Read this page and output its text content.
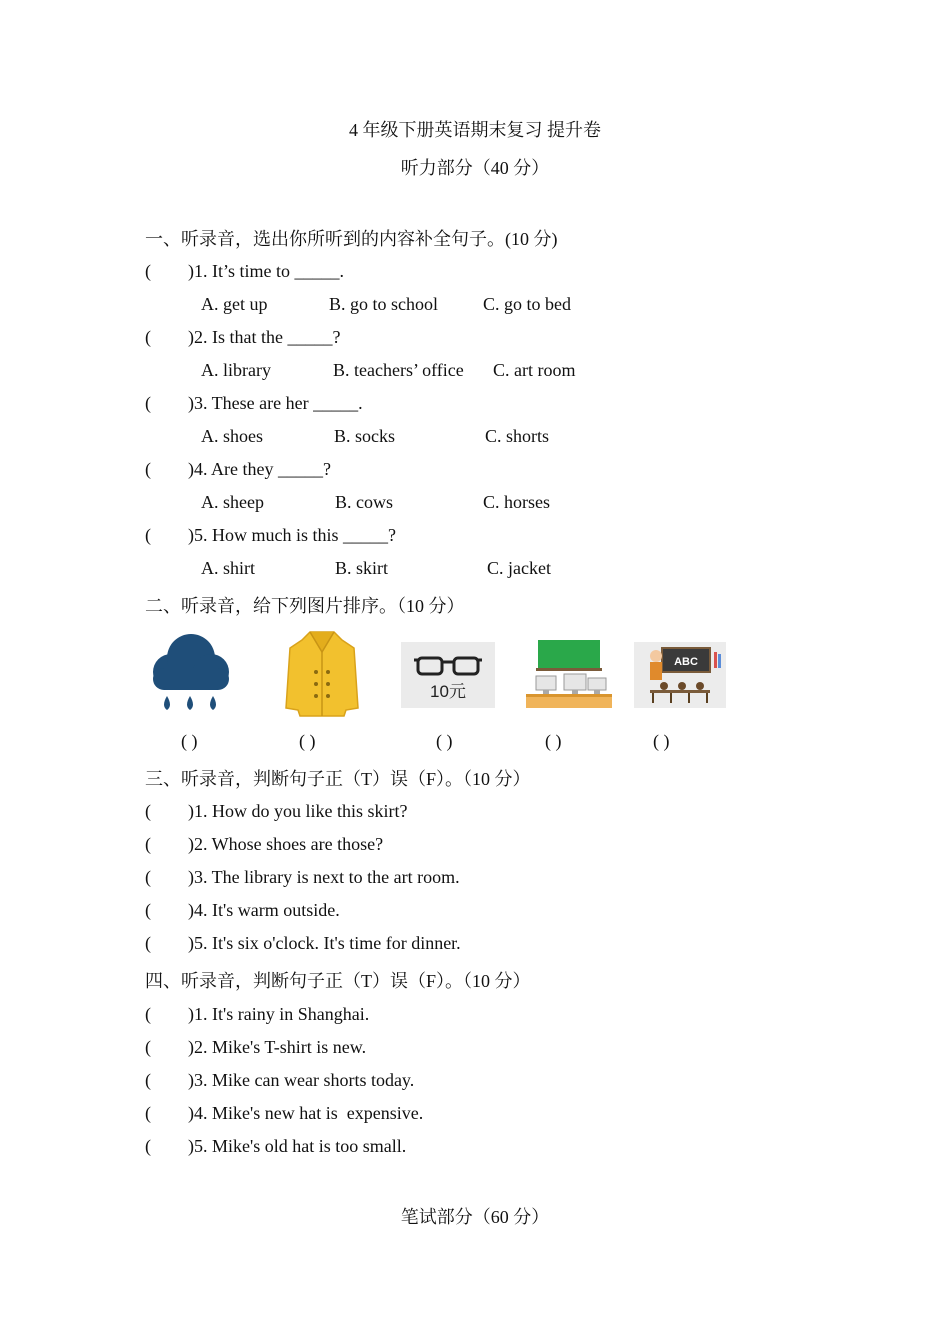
4 年级下册英语期末复习 提升卷
听力部分（40 分）
一、听录音，选出你所听到的内容补全句子。(10 分)
( )1. It’s time to _____.
A. get up	B. go to school C. go to bed
( )2. Is that the _____?
A. library	B. teachers’ office C. art room
( )3. These are her _____.
A. shoes	B. socks	C. shorts
( )4. Are they _____?
A. sheep	B. cows	C. horses
( )5. How much is this _____?
A. shirt	B. skirt	C. jacket
二、听录音，给下列图片排序。（10 分）
10元
ABC
( )	( )	( )	( )	( )
三、听录音，判断句子正（T）误（F）。（10 分）
( )1. How do you like this skirt?
( )2. Whose shoes are those?
( )3. The library is next to the art room.
( )4. It's warm outside.
( )5. It's six o'clock. It's time for dinner.
四、听录音，判断句子正（T）误（F）。（10 分）
( )1. It's rainy in Shanghai.
( )2. Mike's T-shirt is new.
( )3. Mike can wear shorts today.
( )4. Mike's new hat is  expensive.
( )5. Mike's old hat is too small.
笔试部分（60 分）
